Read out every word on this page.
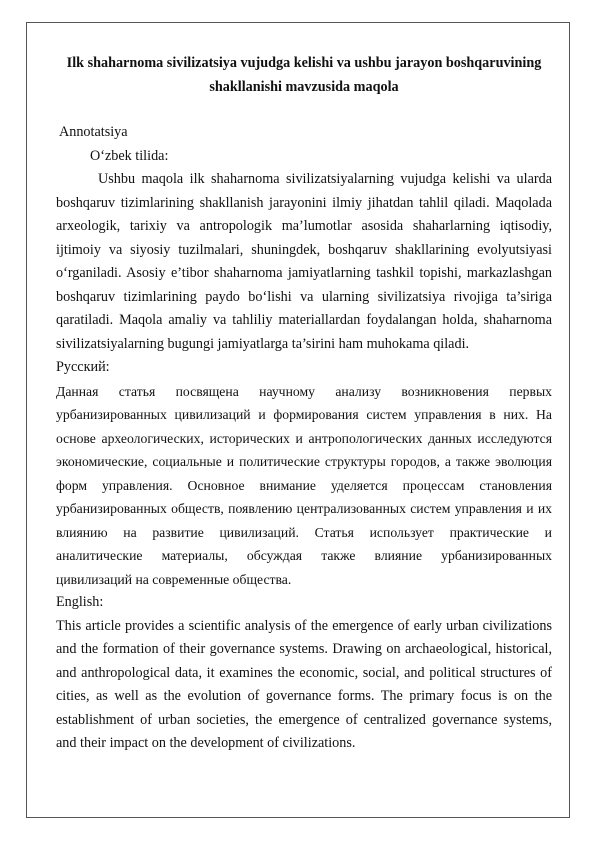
Ilk shaharnoma sivilizatsiya vujudga kelishi va ushbu jarayon boshqaruvining shakllanishi mavzusida maqola

Annotatsiya

O‘zbek tilida:

Ushbu maqola ilk shaharnoma sivilizatsiyalarning vujudga kelishi va ularda boshqaruv tizimlarining shakllanish jarayonini ilmiy jihatdan tahlil qiladi. Maqolada arxeologik, tarixiy va antropologik ma’lumotlar asosida shaharlarning iqtisodiy, ijtimoiy va siyosiy tuzilmalari, shuningdek, boshqaruv shakllarining evolyutsiyasi o‘rganiladi. Asosiy e’tibor shaharnoma jamiyatlarning tashkil topishi, markazlashgan boshqaruv tizimlarining paydo bo‘lishi va ularning sivilizatsiya rivojiga ta’siriga qaratiladi. Maqola amaliy va tahliliy materiallardan foydalangan holda, shaharnoma sivilizatsiyalarning bugungi jamiyatlarga ta’sirini ham muhokama qiladi.

Русский:

Данная статья посвящена научному анализу возникновения первых урбанизированных цивилизаций и формирования систем управления в них. На основе археологических, исторических и антропологических данных исследуются экономические, социальные и политические структуры городов, а также эволюция форм управления. Основное внимание уделяется процессам становления урбанизированных обществ, появлению централизованных систем управления и их влиянию на развитие цивилизаций. Статья использует практические и аналитические материалы, обсуждая также влияние урбанизированных цивилизаций на современные общества.

English:

This article provides a scientific analysis of the emergence of early urban civilizations and the formation of their governance systems. Drawing on archaeological, historical, and anthropological data, it examines the economic, social, and political structures of cities, as well as the evolution of governance forms. The primary focus is on the establishment of urban societies, the emergence of centralized governance systems, and their impact on the development of civilizations.
